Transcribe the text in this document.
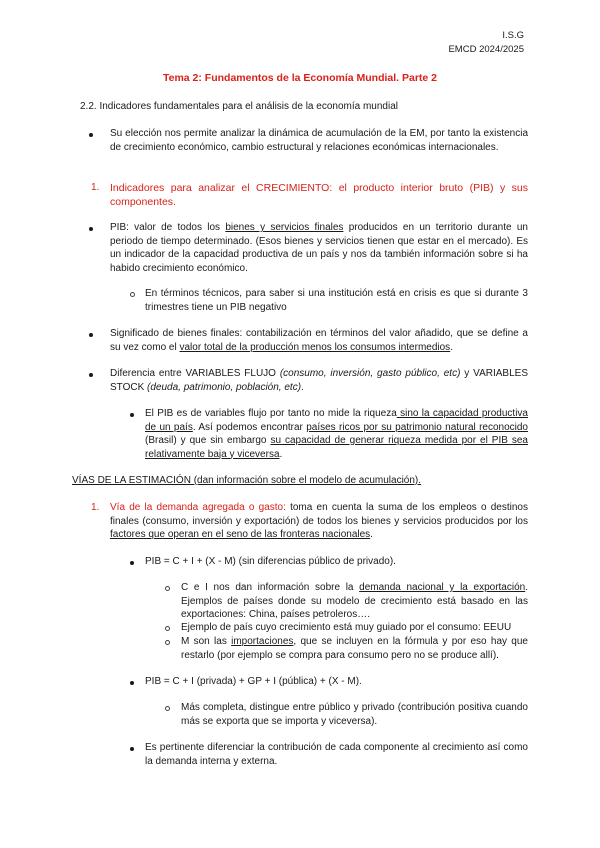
I.S.G
EMCD 2024/2025
Tema 2: Fundamentos de la Economía Mundial. Parte 2
2.2. Indicadores fundamentales para el análisis de la economía mundial
Su elección nos permite analizar la dinámica de acumulación de la EM, por tanto la existencia de crecimiento económico, cambio estructural y relaciones económicas internacionales.
1. Indicadores para analizar el CRECIMIENTO: el producto interior bruto (PIB) y sus componentes.
PIB: valor de todos los bienes y servicios finales producidos en un territorio durante un periodo de tiempo determinado. (Esos bienes y servicios tienen que estar en el mercado). Es un indicador de la capacidad productiva de un país y nos da también información sobre si ha habido crecimiento económico.
En términos técnicos, para saber si una institución está en crisis es que si durante 3 trimestres tiene un PIB negativo
Significado de bienes finales: contabilización en términos del valor añadido, que se define a su vez como el valor total de la producción menos los consumos intermedios.
Diferencia entre VARIABLES FLUJO (consumo, inversión, gasto público, etc) y VARIABLES STOCK (deuda, patrimonio, población, etc).
El PIB es de variables flujo por tanto no mide la riqueza sino la capacidad productiva de un país. Así podemos encontrar países ricos por su patrimonio natural reconocido (Brasil) y que sin embargo su capacidad de generar riqueza medida por el PIB sea relativamente baja y viceversa.
VÍAS DE LA ESTIMACIÓN (dan información sobre el modelo de acumulación).
1. Vía de la demanda agregada o gasto: toma en cuenta la suma de los empleos o destinos finales (consumo, inversión y exportación) de todos los bienes y servicios producidos por los factores que operan en el seno de las fronteras nacionales.
PIB = C + I + (X - M) (sin diferencias público de privado).
C e I nos dan información sobre la demanda nacional y la exportación. Ejemplos de países donde su modelo de crecimiento está basado en las exportaciones: China, países petroleros….
Ejemplo de país cuyo crecimiento está muy guiado por el consumo: EEUU
M son las importaciones, que se incluyen en la fórmula y por eso hay que restarlo (por ejemplo se compra para consumo pero no se produce allí).
PIB = C + I (privada) + GP + I (pública) + (X - M).
Más completa, distingue entre público y privado (contribución positiva cuando más se exporta que se importa y viceversa).
Es pertinente diferenciar la contribución de cada componente al crecimiento así como la demanda interna y externa.
